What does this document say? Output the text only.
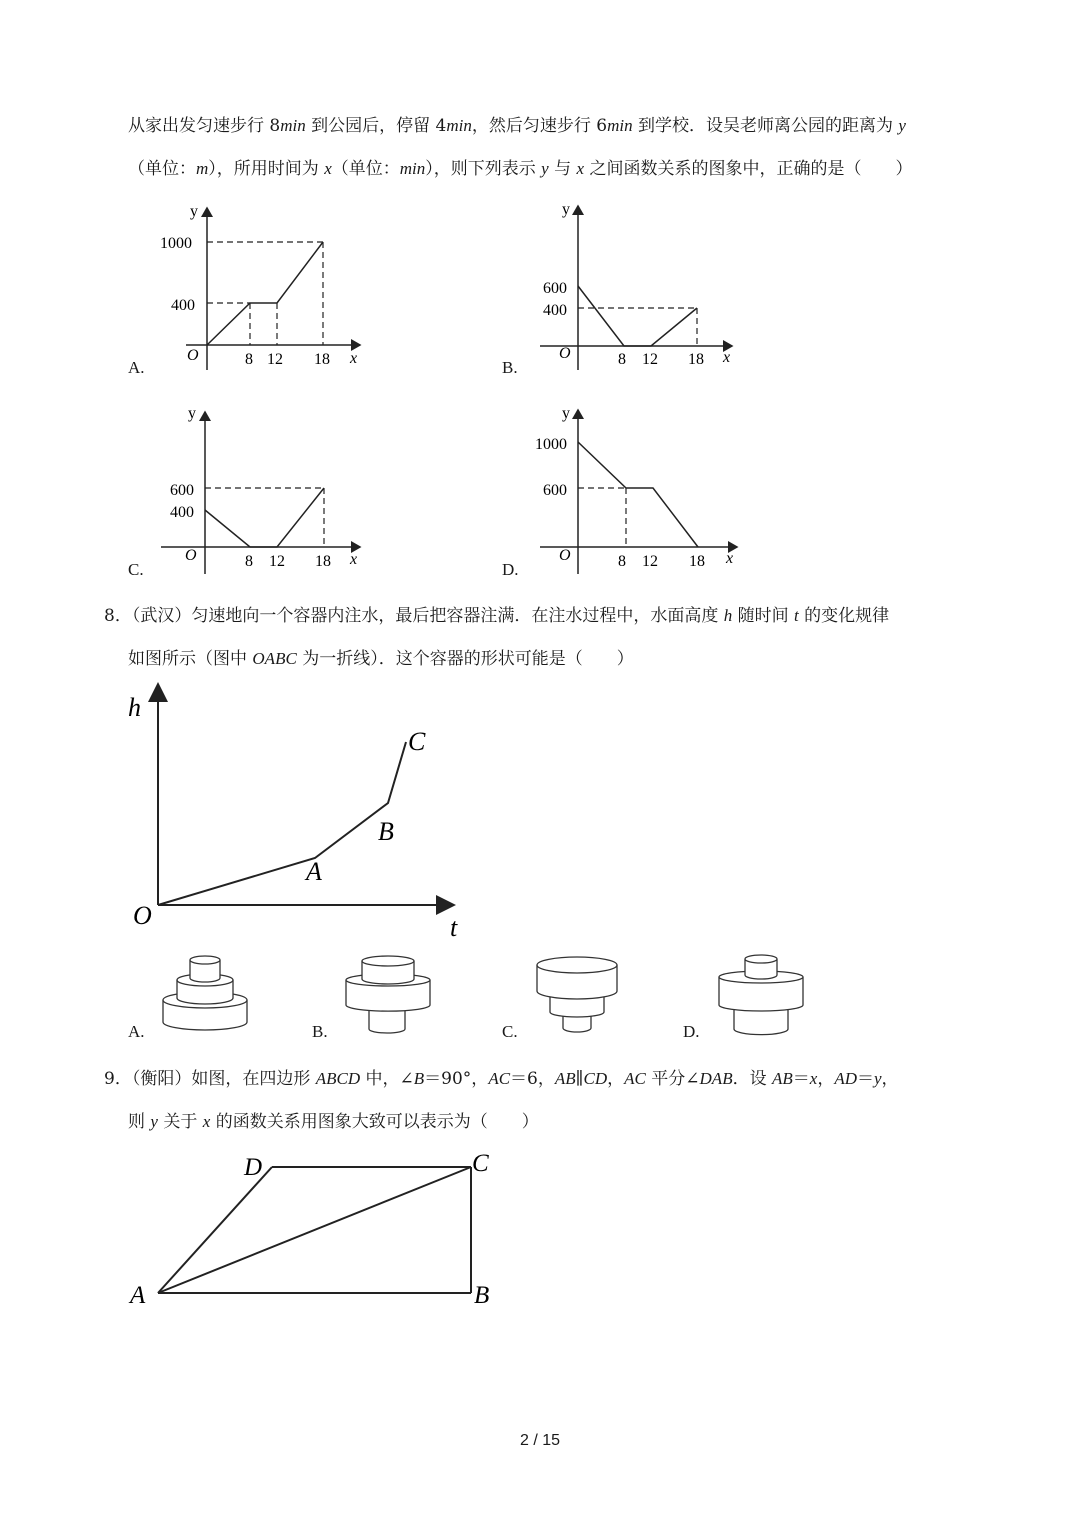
从家出发匀速步行 8min 到公园后，停留 4min，然后匀速步行 6min 到学校．设吴老师离公园的距离为 y
（单位：m），所用时间为 x（单位：min），则下列表示 y 与 x 之间函数关系的图象中，正确的是（　　）
y
x
O
1000
400
8 12 18
A.
y
x
O
600
400
8 12 18
B.
y
x
O
600
400
8 12 18
C.
y
x
O
1000
600
8 12 18
D.
8．（武汉）匀速地向一个容器内注水，最后把容器注满．在注水过程中，水面高度 h 随时间 t 的变化规律
如图所示（图中 OABC 为一折线）．这个容器的形状可能是（　　）
h
t
O
A
B
C
A.	B.	C.	D.
9．（衡阳）如图，在四边形 ABCD 中，∠B＝90°，AC＝6，AB∥CD，AC 平分∠DAB．设 AB＝x，AD＝y，
则 y 关于 x 的函数关系用图象大致可以表示为（　　）
D	C
A	B
2 / 15
